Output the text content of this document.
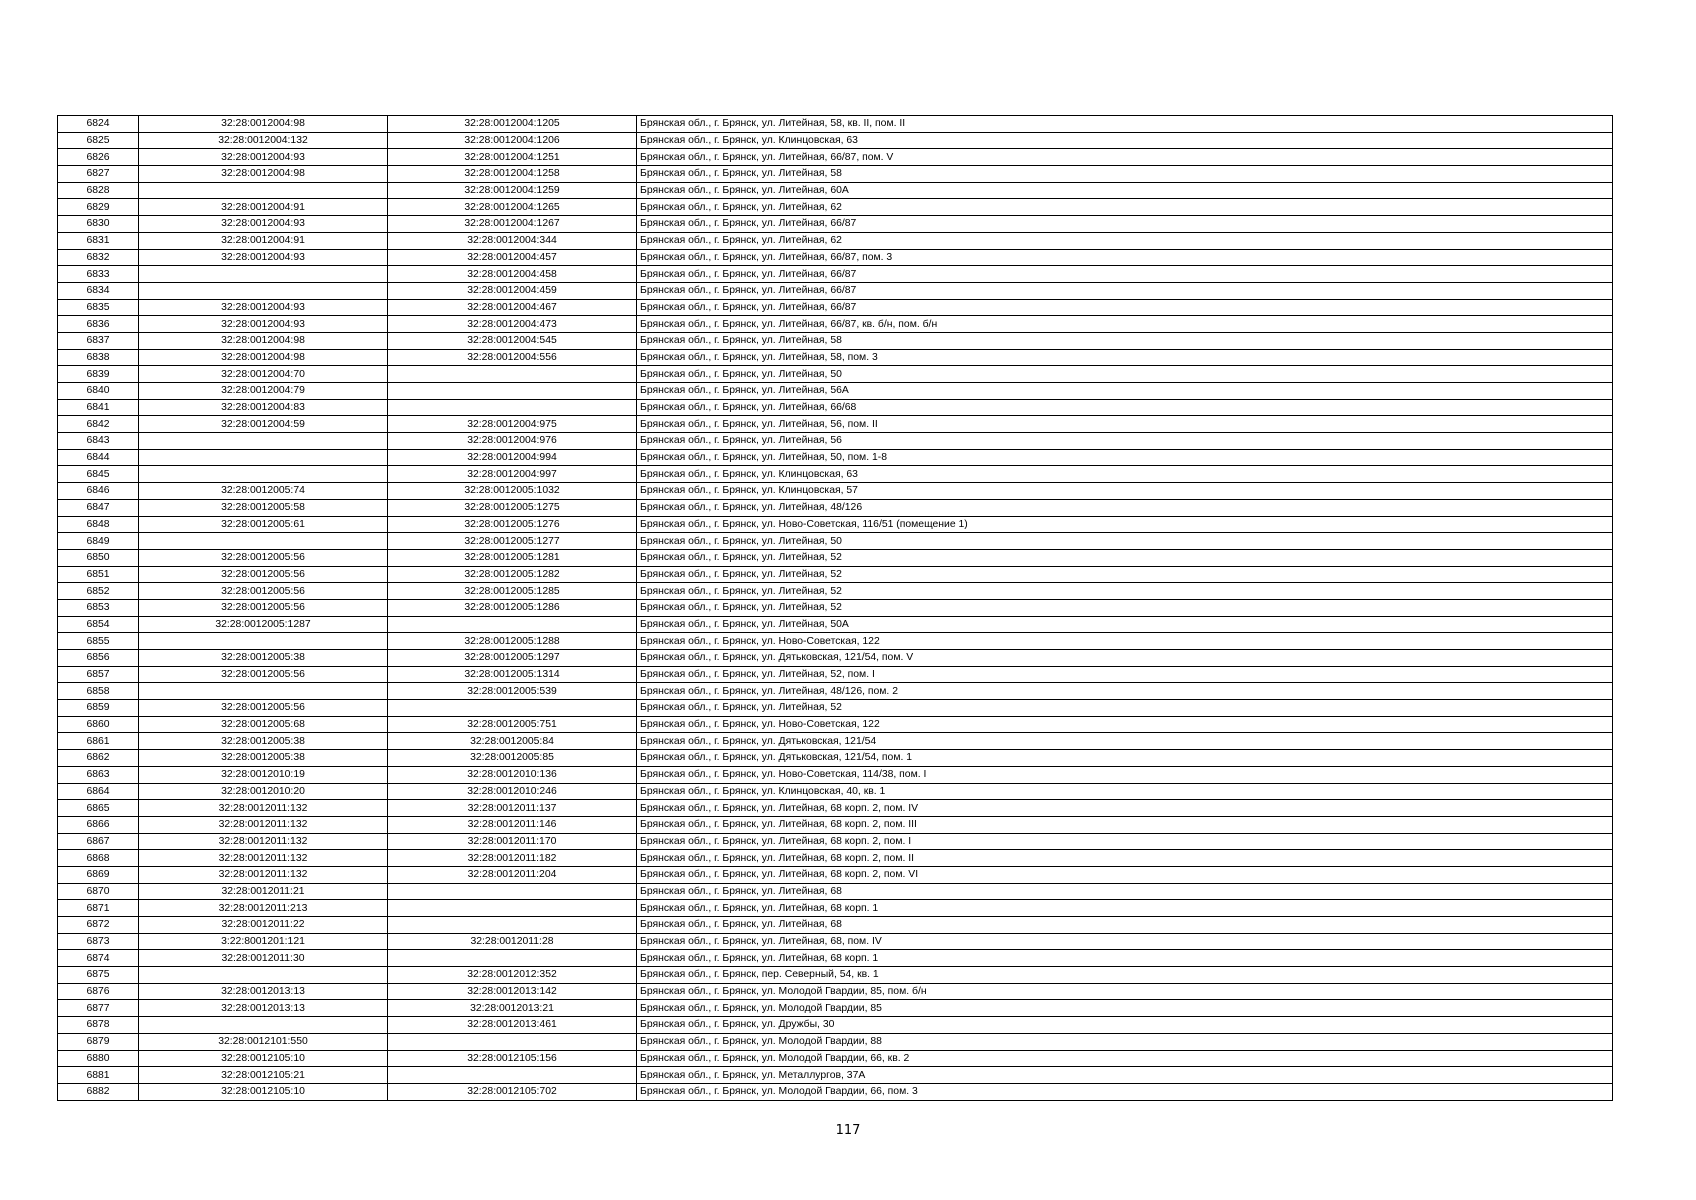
6824	32:28:0012004:98	32:28:0012004:1205	Брянская обл., г. Брянск, ул. Литейная, 58, кв. II, пом. II
6825	32:28:0012004:132	32:28:0012004:1206	Брянская обл., г. Брянск, ул. Клинцовская, 63
6826	32:28:0012004:93	32:28:0012004:1251	Брянская обл., г. Брянск, ул. Литейная, 66/87, пом. V
6827	32:28:0012004:98	32:28:0012004:1258	Брянская обл., г. Брянск, ул. Литейная, 58
6828		32:28:0012004:1259	Брянская обл., г. Брянск, ул. Литейная, 60А
6829	32:28:0012004:91	32:28:0012004:1265	Брянская обл., г. Брянск, ул. Литейная, 62
6830	32:28:0012004:93	32:28:0012004:1267	Брянская обл., г. Брянск, ул. Литейная, 66/87
6831	32:28:0012004:91	32:28:0012004:344	Брянская обл., г. Брянск, ул. Литейная, 62
6832	32:28:0012004:93	32:28:0012004:457	Брянская обл., г. Брянск, ул. Литейная, 66/87, пом. 3
6833		32:28:0012004:458	Брянская обл., г. Брянск, ул. Литейная, 66/87
6834		32:28:0012004:459	Брянская обл., г. Брянск, ул. Литейная, 66/87
6835	32:28:0012004:93	32:28:0012004:467	Брянская обл., г. Брянск, ул. Литейная, 66/87
6836	32:28:0012004:93	32:28:0012004:473	Брянская обл., г. Брянск, ул. Литейная, 66/87, кв. б/н, пом. б/н
6837	32:28:0012004:98	32:28:0012004:545	Брянская обл., г. Брянск, ул. Литейная, 58
6838	32:28:0012004:98	32:28:0012004:556	Брянская обл., г. Брянск, ул. Литейная, 58, пом. 3
6839	32:28:0012004:70		Брянская обл., г. Брянск, ул. Литейная, 50
6840	32:28:0012004:79		Брянская обл., г. Брянск, ул. Литейная, 56А
6841	32:28:0012004:83		Брянская обл., г. Брянск, ул. Литейная, 66/68
6842	32:28:0012004:59	32:28:0012004:975	Брянская обл., г. Брянск, ул. Литейная, 56, пом. II
6843		32:28:0012004:976	Брянская обл., г. Брянск, ул. Литейная, 56
6844		32:28:0012004:994	Брянская обл., г. Брянск, ул. Литейная, 50, пом. 1-8
6845		32:28:0012004:997	Брянская обл., г. Брянск, ул. Клинцовская, 63
6846	32:28:0012005:74	32:28:0012005:1032	Брянская обл., г. Брянск, ул. Клинцовская, 57
6847	32:28:0012005:58	32:28:0012005:1275	Брянская обл., г. Брянск, ул. Литейная, 48/126
6848	32:28:0012005:61	32:28:0012005:1276	Брянская обл., г. Брянск, ул. Ново-Советская, 116/51 (помещение 1)
6849		32:28:0012005:1277	Брянская обл., г. Брянск, ул. Литейная, 50
6850	32:28:0012005:56	32:28:0012005:1281	Брянская обл., г. Брянск, ул. Литейная, 52
6851	32:28:0012005:56	32:28:0012005:1282	Брянская обл., г. Брянск, ул. Литейная, 52
6852	32:28:0012005:56	32:28:0012005:1285	Брянская обл., г. Брянск, ул. Литейная, 52
6853	32:28:0012005:56	32:28:0012005:1286	Брянская обл., г. Брянск, ул. Литейная, 52
6854	32:28:0012005:1287		Брянская обл., г. Брянск, ул. Литейная, 50А
6855		32:28:0012005:1288	Брянская обл., г. Брянск, ул. Ново-Советская, 122
6856	32:28:0012005:38	32:28:0012005:1297	Брянская обл., г. Брянск, ул. Дятьковская, 121/54, пом. V
6857	32:28:0012005:56	32:28:0012005:1314	Брянская обл., г. Брянск, ул. Литейная, 52, пом. I
6858		32:28:0012005:539	Брянская обл., г. Брянск, ул. Литейная, 48/126, пом. 2
6859	32:28:0012005:56		Брянская обл., г. Брянск, ул. Литейная, 52
6860	32:28:0012005:68	32:28:0012005:751	Брянская обл., г. Брянск, ул. Ново-Советская, 122
6861	32:28:0012005:38	32:28:0012005:84	Брянская обл., г. Брянск, ул. Дятьковская, 121/54
6862	32:28:0012005:38	32:28:0012005:85	Брянская обл., г. Брянск, ул. Дятьковская, 121/54, пом. 1
6863	32:28:0012010:19	32:28:0012010:136	Брянская обл., г. Брянск, ул. Ново-Советская, 114/38, пом. I
6864	32:28:0012010:20	32:28:0012010:246	Брянская обл., г. Брянск, ул. Клинцовская, 40, кв. 1
6865	32:28:0012011:132	32:28:0012011:137	Брянская обл., г. Брянск, ул. Литейная, 68 корп. 2, пом. IV
6866	32:28:0012011:132	32:28:0012011:146	Брянская обл., г. Брянск, ул. Литейная, 68 корп. 2, пом. III
6867	32:28:0012011:132	32:28:0012011:170	Брянская обл., г. Брянск, ул. Литейная, 68 корп. 2, пом. I
6868	32:28:0012011:132	32:28:0012011:182	Брянская обл., г. Брянск, ул. Литейная, 68 корп. 2, пом. II
6869	32:28:0012011:132	32:28:0012011:204	Брянская обл., г. Брянск, ул. Литейная, 68 корп. 2, пом. VI
6870	32:28:0012011:21		Брянская обл., г. Брянск, ул. Литейная, 68
6871	32:28:0012011:213		Брянская обл., г. Брянск, ул. Литейная, 68 корп. 1
6872	32:28:0012011:22		Брянская обл., г. Брянск, ул. Литейная, 68
6873	3:22:8001201:121	32:28:0012011:28	Брянская обл., г. Брянск, ул. Литейная, 68, пом. IV
6874	32:28:0012011:30		Брянская обл., г. Брянск, ул. Литейная, 68 корп. 1
6875		32:28:0012012:352	Брянская обл., г. Брянск, пер. Северный, 54, кв. 1
6876	32:28:0012013:13	32:28:0012013:142	Брянская обл., г. Брянск, ул. Молодой Гвардии, 85, пом. б/н
6877	32:28:0012013:13	32:28:0012013:21	Брянская обл., г. Брянск, ул. Молодой Гвардии, 85
6878		32:28:0012013:461	Брянская обл., г. Брянск, ул. Дружбы, 30
6879	32:28:0012101:550		Брянская обл., г. Брянск, ул. Молодой Гвардии, 88
6880	32:28:0012105:10	32:28:0012105:156	Брянская обл., г. Брянск, ул. Молодой Гвардии, 66, кв. 2
6881	32:28:0012105:21		Брянская обл., г. Брянск, ул. Металлургов, 37А
6882	32:28:0012105:10	32:28:0012105:702	Брянская обл., г. Брянск, ул. Молодой Гвардии, 66, пом. 3
117
